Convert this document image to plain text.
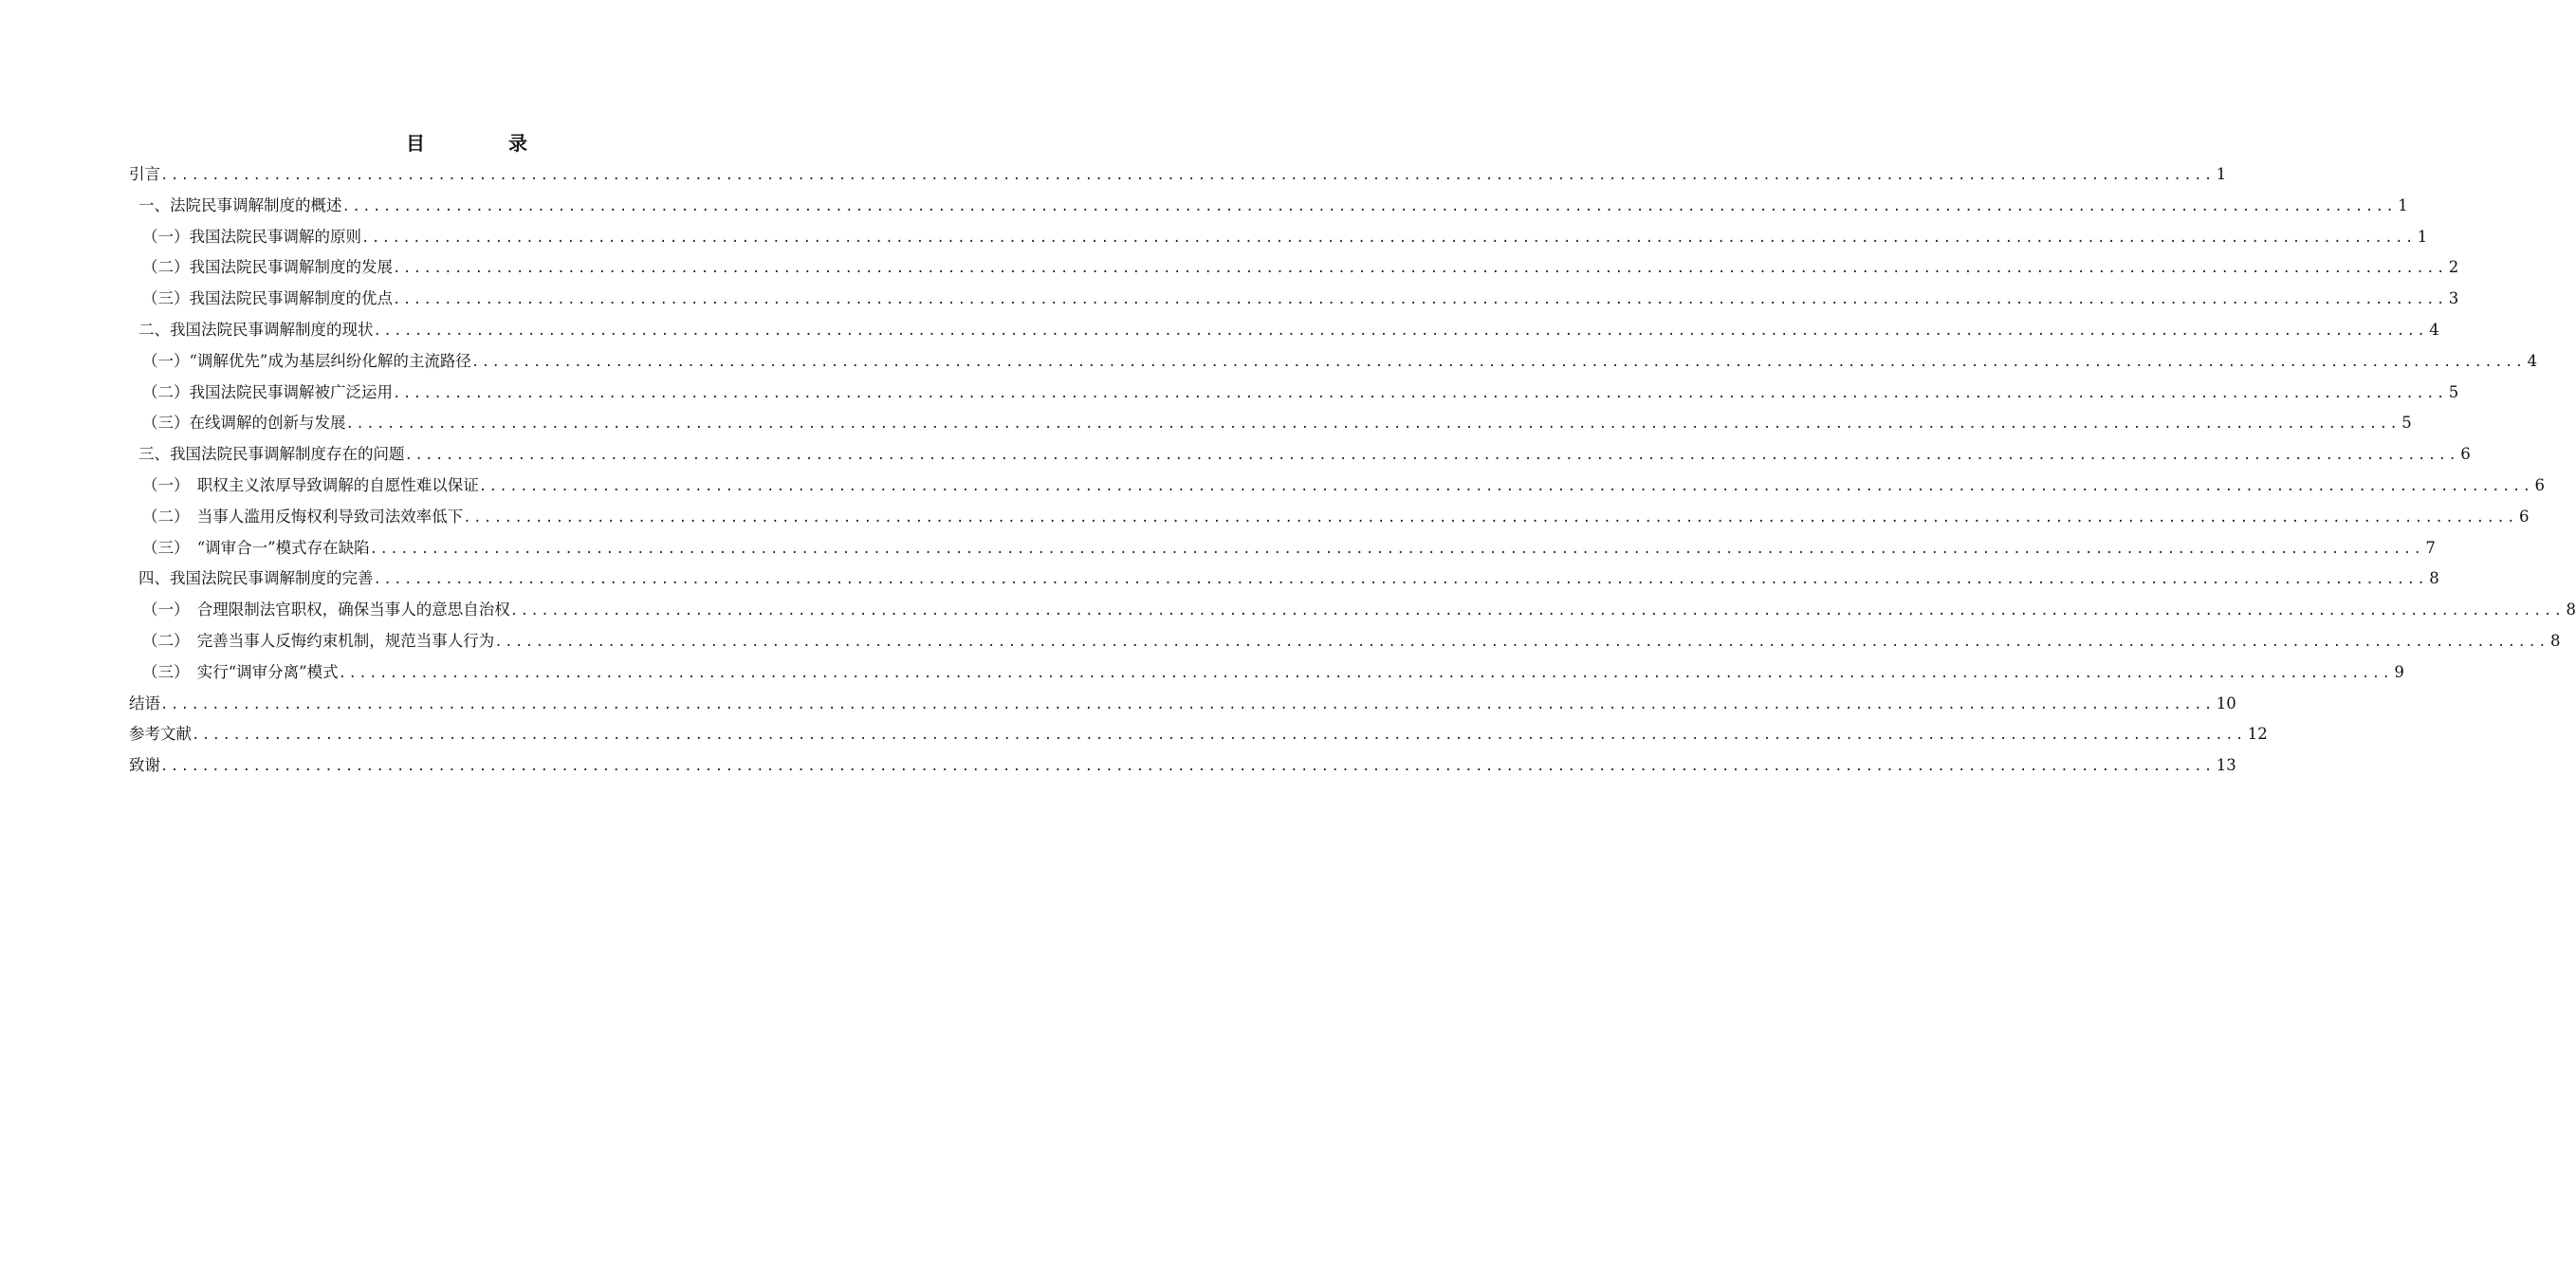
目　录
引言 ........................................................................................................................................................................................................ 1
一、法院民事调解制度的概述 ........................................................................................................................................................................................................ 1
（一）我国法院民事调解的原则 ........................................................................................................................................................................................................ 1
（二）我国法院民事调解制度的发展 ........................................................................................................................................................................................................ 2
（三）我国法院民事调解制度的优点 ........................................................................................................................................................................................................ 3
二、我国法院民事调解制度的现状 ........................................................................................................................................................................................................ 4
（一）“调解优先”成为基层纠纷化解的主流路径 ........................................................................................................................................................................................................ 4
（二）我国法院民事调解被广泛运用 ........................................................................................................................................................................................................ 5
（三）在线调解的创新与发展 ........................................................................................................................................................................................................ 5
三、我国法院民事调解制度存在的问题 ........................................................................................................................................................................................................ 6
（一）　职权主义浓厚导致调解的自愿性难以保证 ........................................................................................................................................................................................................ 6
（二）　当事人滥用反悔权利导致司法效率低下 ........................................................................................................................................................................................................ 6
（三）　“调审合一”模式存在缺陷 ........................................................................................................................................................................................................ 7
四、我国法院民事调解制度的完善 ........................................................................................................................................................................................................ 8
（一）　合理限制法官职权，确保当事人的意思自治权 ........................................................................................................................................................................................................ 8
（二）　完善当事人反悔约束机制，规范当事人行为 ........................................................................................................................................................................................................ 8
（三）　实行“调审分离”模式 ........................................................................................................................................................................................................ 9
结语 ........................................................................................................................................................................................................ 10
参考文献 ........................................................................................................................................................................................................ 12
致谢 ........................................................................................................................................................................................................ 13
